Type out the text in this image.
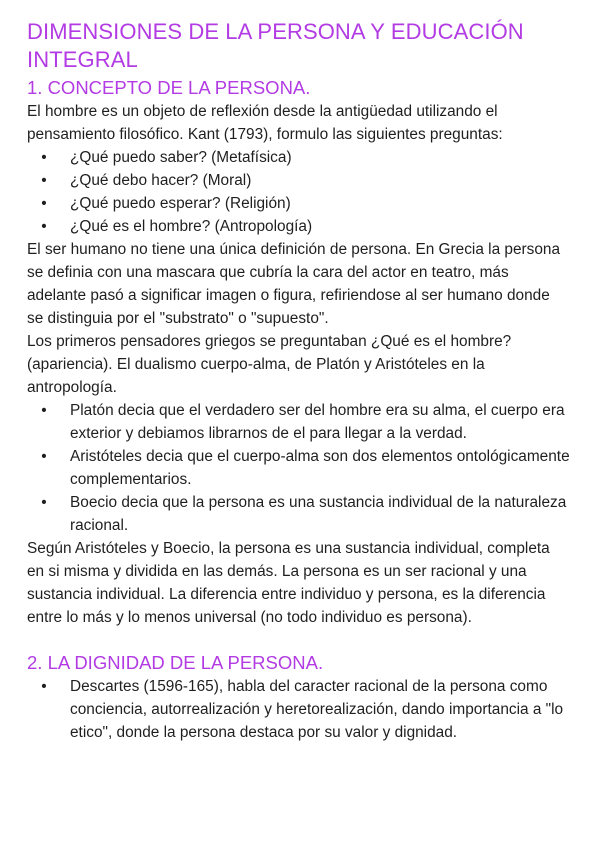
DIMENSIONES DE LA PERSONA Y EDUCACIÓN INTEGRAL
1. CONCEPTO DE LA PERSONA.

El hombre es un objeto de reflexión desde la antigüedad utilizando el pensamiento filosófico. Kant (1793), formulo las siguientes preguntas:

• ¿Qué puedo saber? (Metafísica)
• ¿Qué debo hacer? (Moral)
• ¿Qué puedo esperar? (Religión)
• ¿Qué es el hombre? (Antropología)

El ser humano no tiene una única definición de persona. En Grecia la persona se definia con una mascara que cubría la cara del actor en teatro, más adelante pasó a significar imagen o figura, refiriendose al ser humano donde se distinguia por el "substrato" o "supuesto".

Los primeros pensadores griegos se preguntaban ¿Qué es el hombre? (apariencia). El dualismo cuerpo-alma, de Platón y Aristóteles en la antropología.

• Platón decia que el verdadero ser del hombre era su alma, el cuerpo era exterior y debiamos librarnos de el para llegar a la verdad.
• Aristóteles decia que el cuerpo-alma son dos elementos ontológicamente complementarios.
• Boecio decia que la persona es una sustancia individual de la naturaleza racional.

Según Aristóteles y Boecio, la persona es una sustancia individual, completa en si misma y dividida en las demás. La persona es un ser racional y una sustancia individual. La diferencia entre individuo y persona, es la diferencia entre lo más y lo menos universal (no todo individuo es persona).

2. LA DIGNIDAD DE LA PERSONA.
• Descartes (1596-165), habla del caracter racional de la persona como conciencia, autorrealización y heretorealización, dando importancia a "lo etico", donde la persona destaca por su valor y dignidad.
